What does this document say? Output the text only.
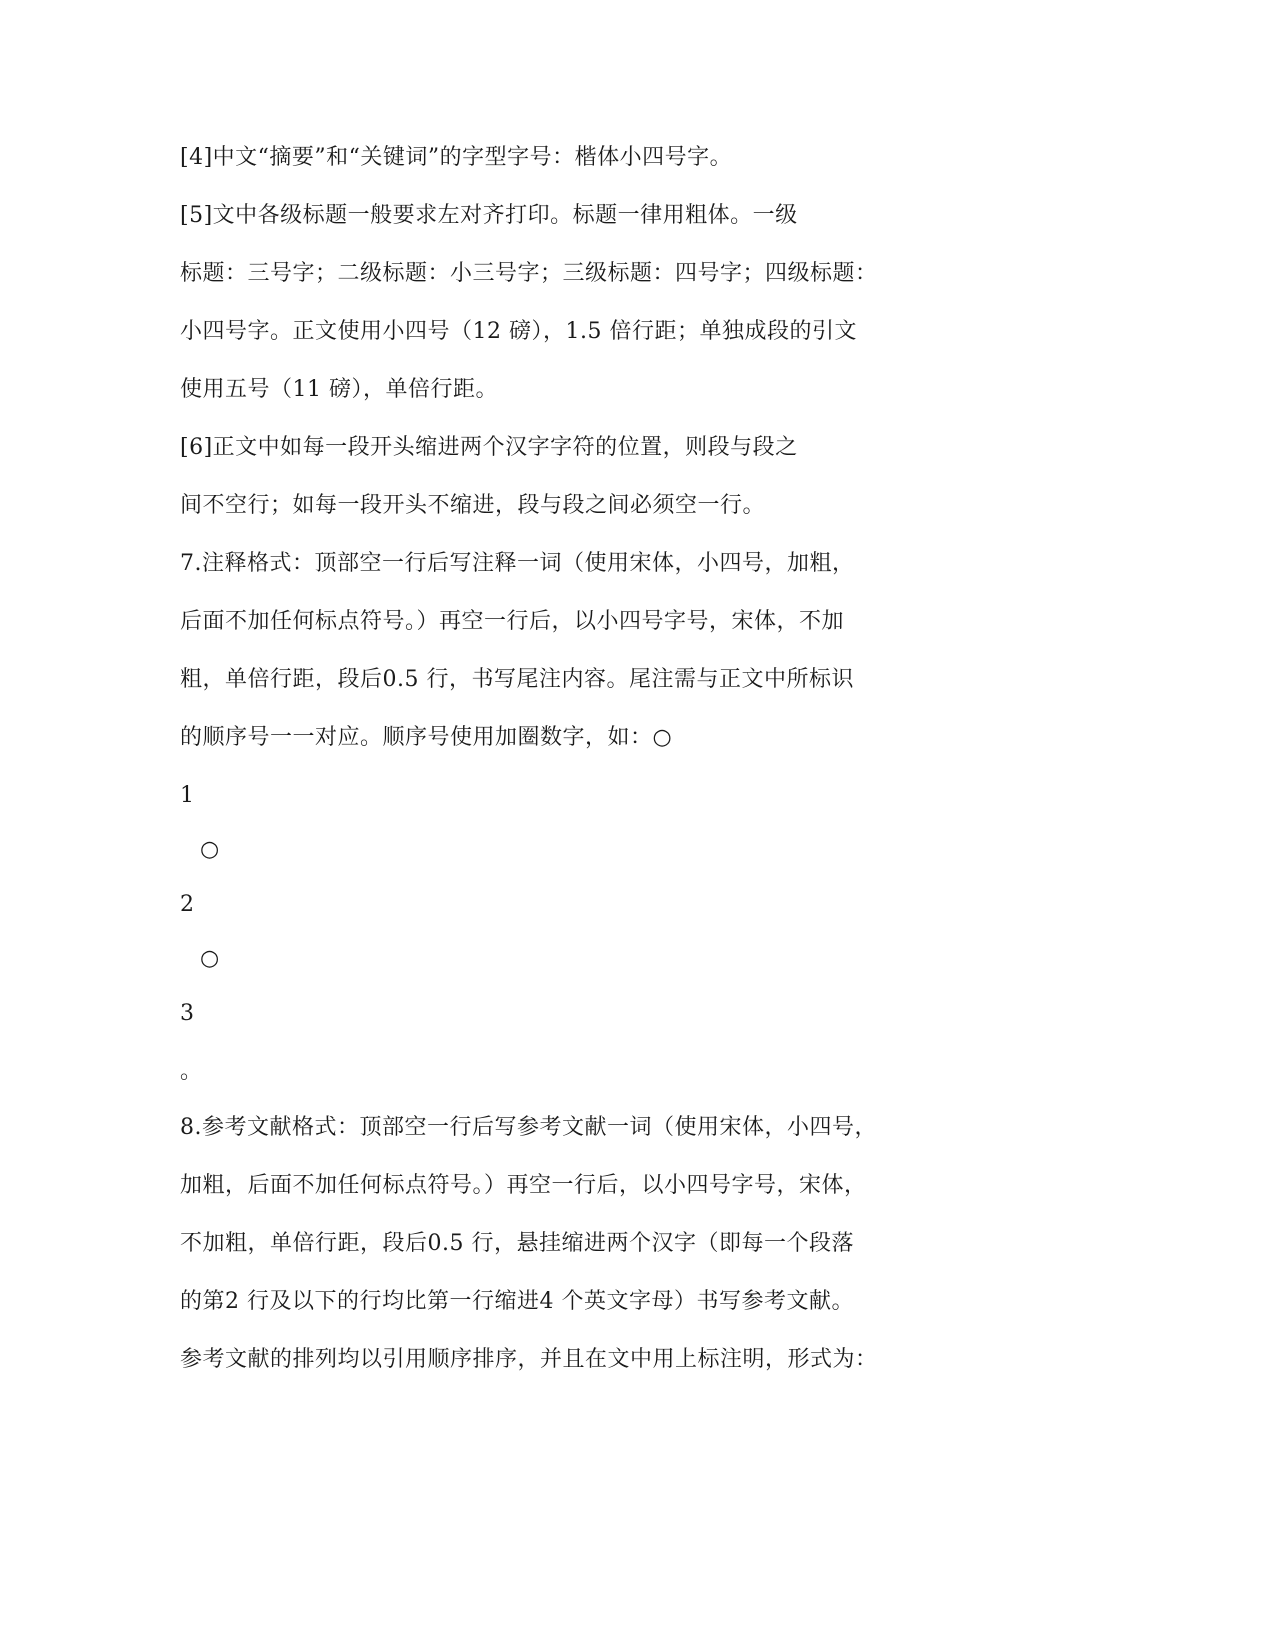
[4]中文“摘要”和“关键词”的字型字号：楷体小四号字。
[5]文中各级标题一般要求左对齐打印。标题一律用粗体。一级
标题：三号字；二级标题：小三号字；三级标题：四号字；四级标题：
小四号字。正文使用小四号（12 磅），1.5 倍行距；单独成段的引文
使用五号（11 磅），单倍行距。
[6]正文中如每一段开头缩进两个汉字字符的位置，则段与段之
间不空行；如每一段开头不缩进，段与段之间必须空一行。
7.注释格式：顶部空一行后写注释一词（使用宋体，小四号，加粗，
后面不加任何标点符号。）再空一行后，以小四号字号，宋体，不加
粗，单倍行距，段后0.5 行，书写尾注内容。尾注需与正文中所标识
的顺序号一一对应。顺序号使用加圈数字，如：○
1
○
2
○
3
。
8.参考文献格式：顶部空一行后写参考文献一词（使用宋体，小四号，
加粗，后面不加任何标点符号。）再空一行后，以小四号字号，宋体，
不加粗，单倍行距，段后0.5 行，悬挂缩进两个汉字（即每一个段落
的第2 行及以下的行均比第一行缩进4 个英文字母）书写参考文献。
参考文献的排列均以引用顺序排序，并且在文中用上标注明，形式为：
